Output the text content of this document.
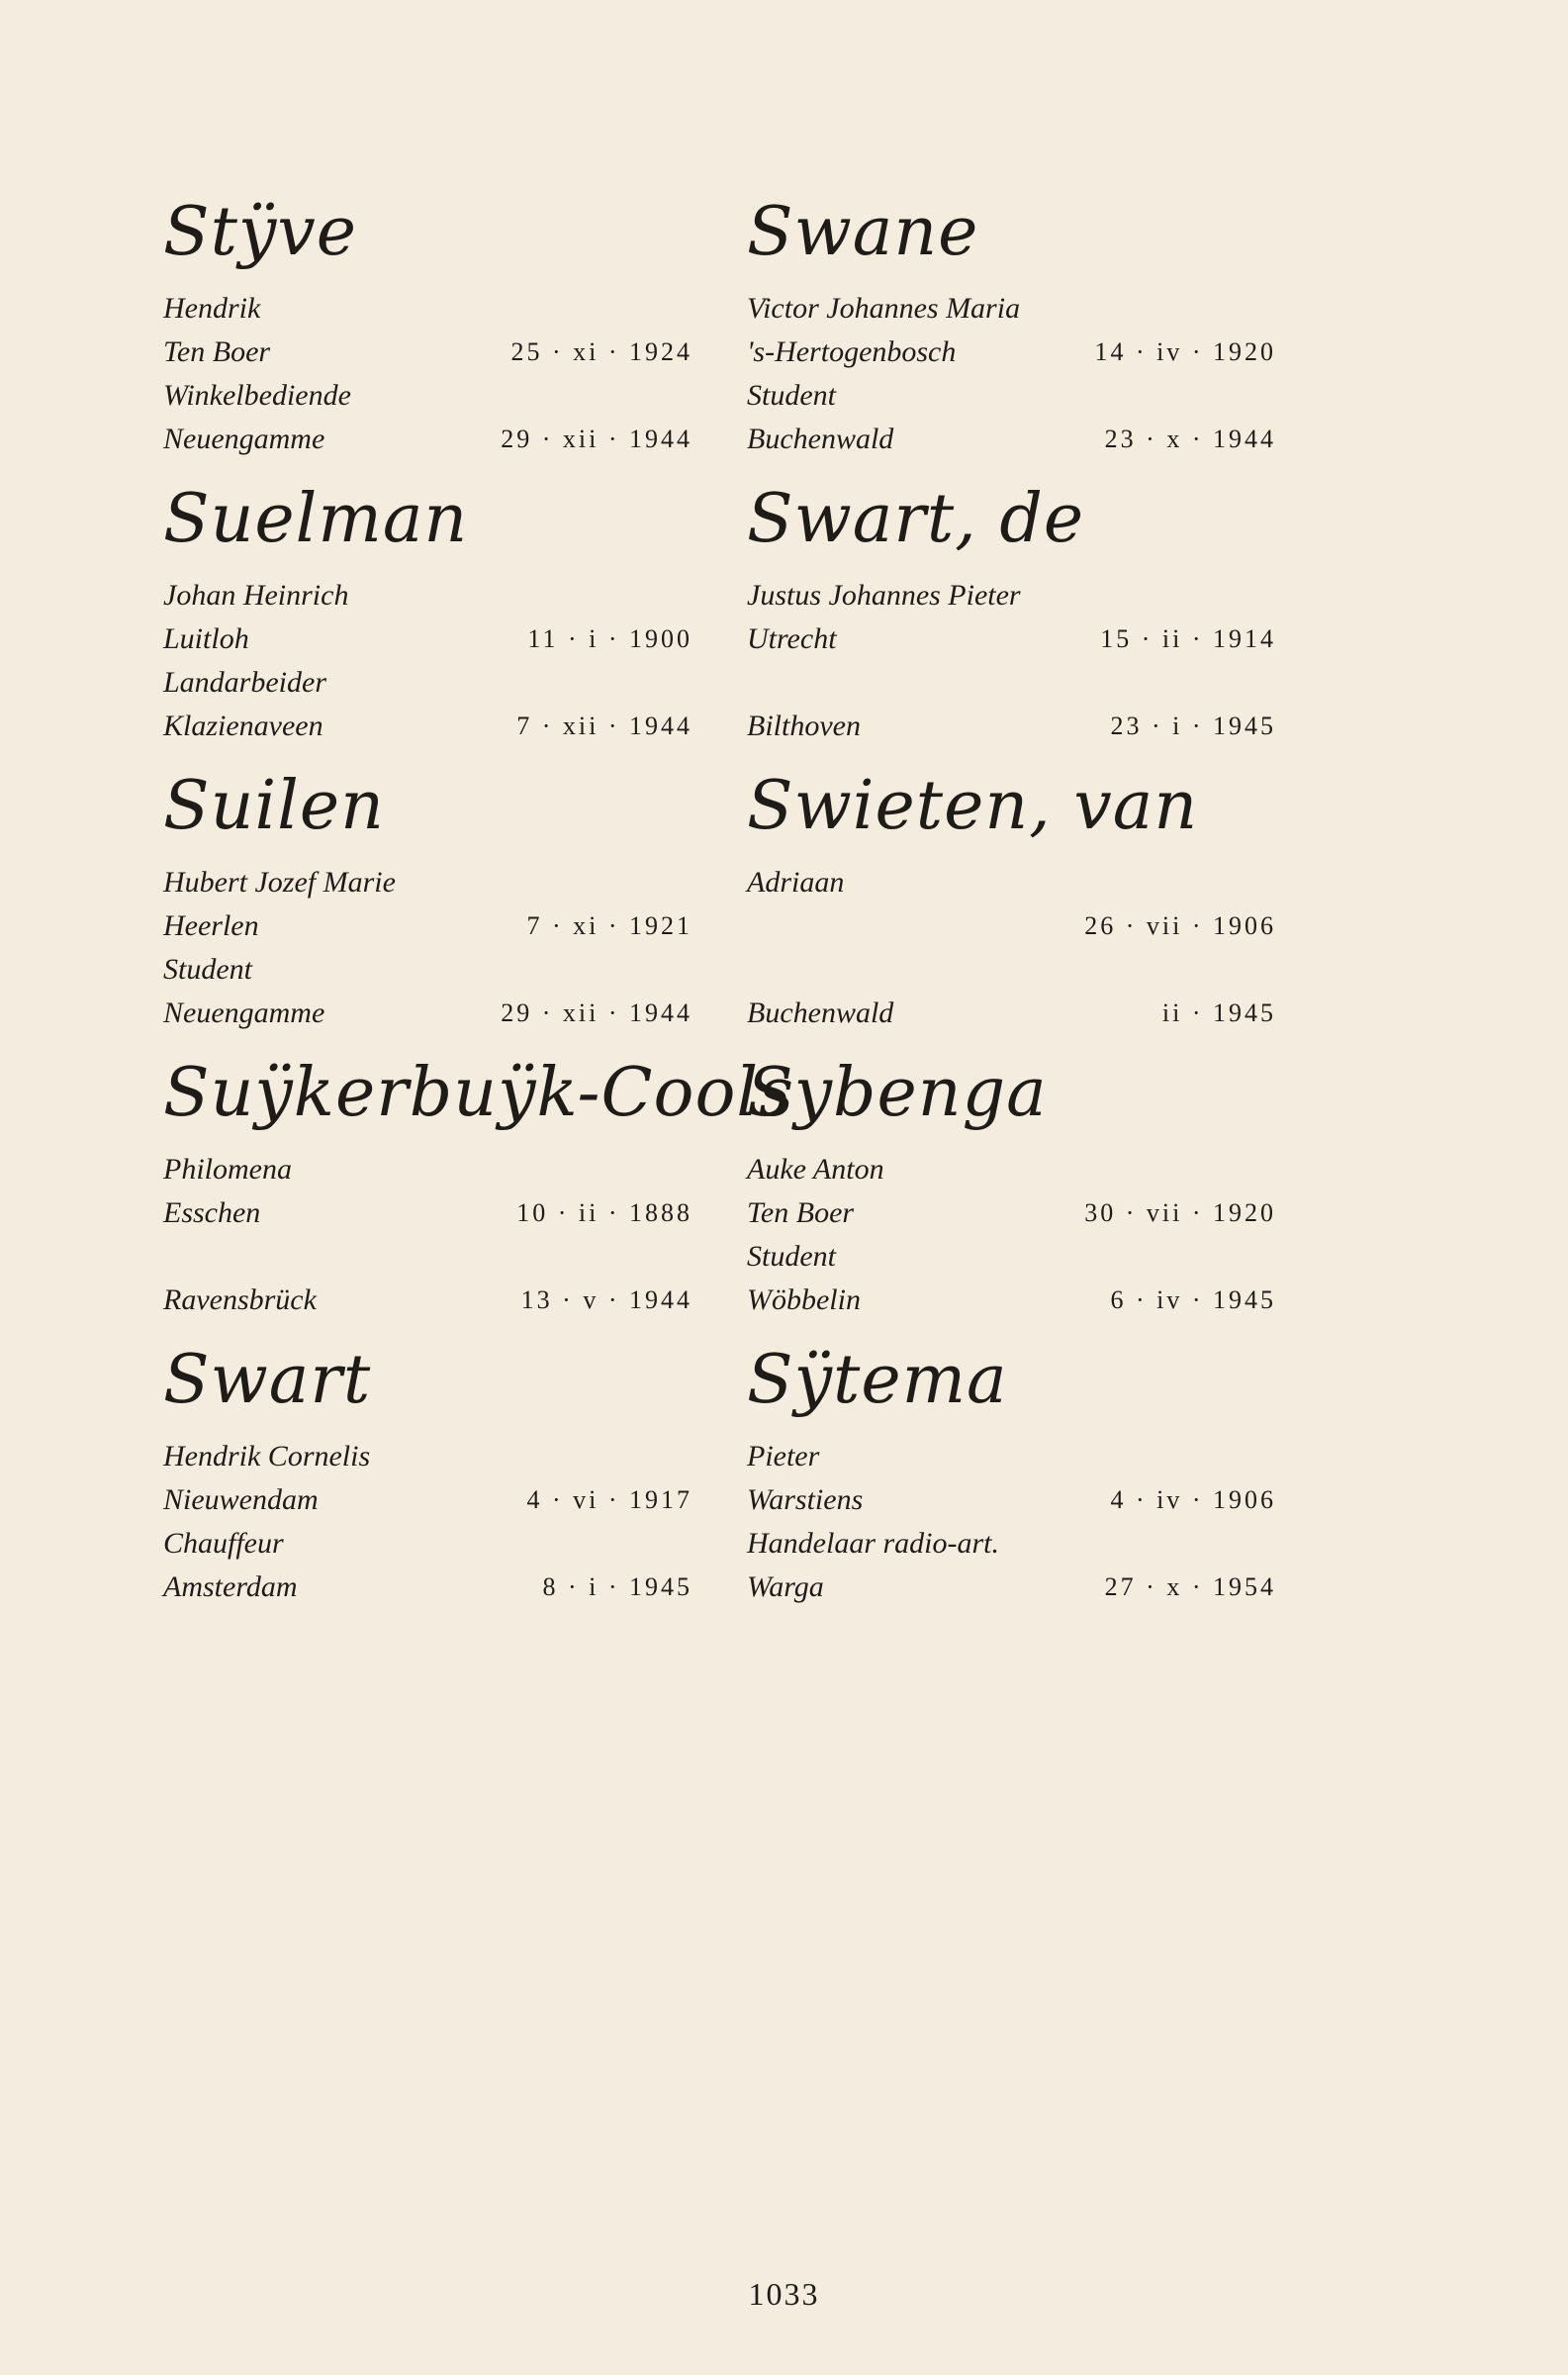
Stÿve
Hendrik
Ten Boer	25 · xi · 1924
Winkelbediende
Neuengamme	29 · xii · 1944
Suelman
Johan Heinrich
Luitloh	11 · i · 1900
Landarbeider
Klazienaveen	7 · xii · 1944
Suilen
Hubert Jozef Marie
Heerlen	7 · xi · 1921
Student
Neuengamme	29 · xii · 1944
Suÿkerbuÿk-Cools
Philomena
Esschen	10 · ii · 1888
Ravensbrück	13 · v · 1944
Swart
Hendrik Cornelis
Nieuwendam	4 · vi · 1917
Chauffeur
Amsterdam	8 · i · 1945
Swane
Victor Johannes Maria
's-Hertogenbosch	14 · iv · 1920
Student
Buchenwald	23 · x · 1944
Swart, de
Justus Johannes Pieter
Utrecht	15 · ii · 1914
Bilthoven	23 · i · 1945
Swieten, van
Adriaan
26 · vii · 1906
Buchenwald	ii · 1945
Sybenga
Auke Anton
Ten Boer	30 · vii · 1920
Student
Wöbbelin	6 · iv · 1945
Sÿtema
Pieter
Warstiens	4 · iv · 1906
Handelaar radio-art.
Warga	27 · x · 1954
1033
